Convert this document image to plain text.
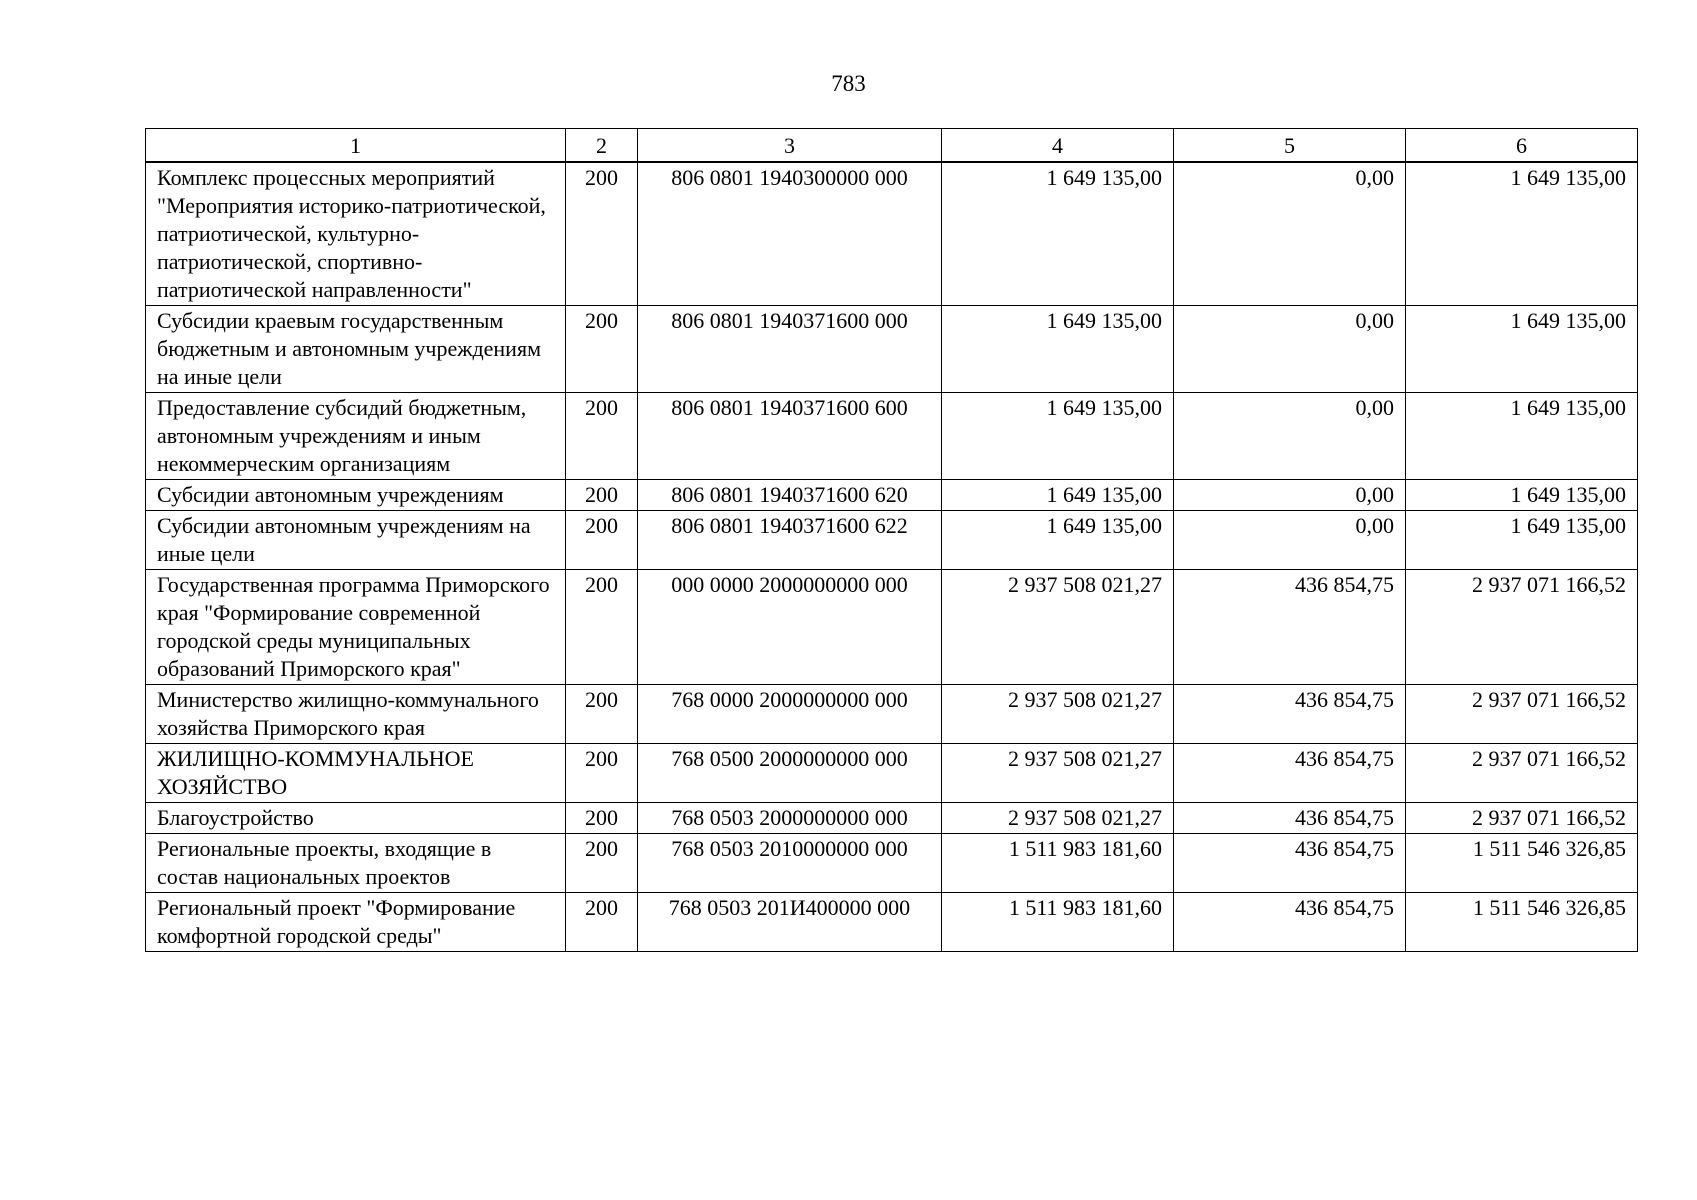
783
1	2	3	4	5	6
Комплекс процессных мероприятий "Мероприятия историко-патриотической, патриотической, культурно-патриотической, спортивно-патриотической направленности"	200	806 0801 1940300000 000	1 649 135,00	0,00	1 649 135,00
Субсидии краевым государственным бюджетным и автономным учреждениям на иные цели	200	806 0801 1940371600 000	1 649 135,00	0,00	1 649 135,00
Предоставление субсидий бюджетным, автономным учреждениям и иным некоммерческим организациям	200	806 0801 1940371600 600	1 649 135,00	0,00	1 649 135,00
Субсидии автономным учреждениям	200	806 0801 1940371600 620	1 649 135,00	0,00	1 649 135,00
Субсидии автономным учреждениям на иные цели	200	806 0801 1940371600 622	1 649 135,00	0,00	1 649 135,00
Государственная программа Приморского края "Формирование современной городской среды муниципальных образований Приморского края"	200	000 0000 2000000000 000	2 937 508 021,27	436 854,75	2 937 071 166,52
Министерство жилищно-коммунального хозяйства Приморского края	200	768 0000 2000000000 000	2 937 508 021,27	436 854,75	2 937 071 166,52
ЖИЛИЩНО-КОММУНАЛЬНОЕ ХОЗЯЙСТВО	200	768 0500 2000000000 000	2 937 508 021,27	436 854,75	2 937 071 166,52
Благоустройство	200	768 0503 2000000000 000	2 937 508 021,27	436 854,75	2 937 071 166,52
Региональные проекты, входящие в состав национальных проектов	200	768 0503 2010000000 000	1 511 983 181,60	436 854,75	1 511 546 326,85
Региональный проект "Формирование комфортной городской среды"	200	768 0503 201И400000 000	1 511 983 181,60	436 854,75	1 511 546 326,85
